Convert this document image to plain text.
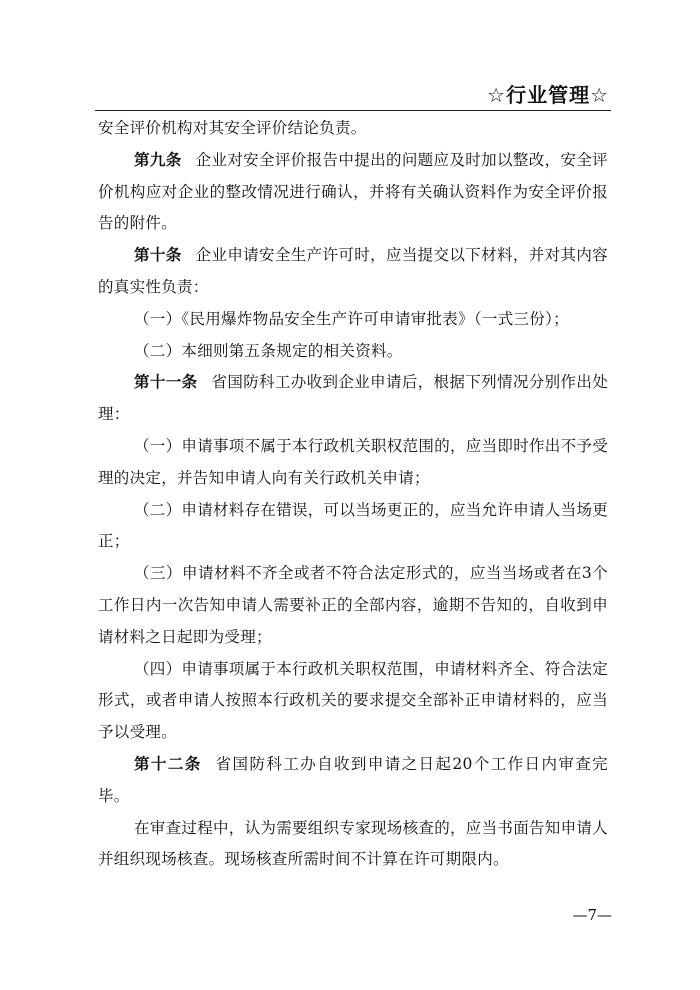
☆行业管理☆

安全评价机构对其安全评价结论负责。

第九条 企业对安全评价报告中提出的问题应及时加以整改，安全评价机构应对企业的整改情况进行确认，并将有关确认资料作为安全评价报告的附件。

第十条 企业申请安全生产许可时，应当提交以下材料，并对其内容的真实性负责：

（一）《民用爆炸物品安全生产许可申请审批表》（一式三份）；

（二）本细则第五条规定的相关资料。

第十一条 省国防科工办收到企业申请后，根据下列情况分别作出处理：

（一）申请事项不属于本行政机关职权范围的，应当即时作出不予受理的决定，并告知申请人向有关行政机关申请；

（二）申请材料存在错误，可以当场更正的，应当允许申请人当场更正；

（三）申请材料不齐全或者不符合法定形式的，应当当场或者在3个工作日内一次告知申请人需要补正的全部内容，逾期不告知的，自收到申请材料之日起即为受理；

（四）申请事项属于本行政机关职权范围，申请材料齐全、符合法定形式，或者申请人按照本行政机关的要求提交全部补正申请材料的，应当予以受理。

第十二条 省国防科工办自收到申请之日起20个工作日内审查完毕。

在审查过程中，认为需要组织专家现场核查的，应当书面告知申请人并组织现场核查。现场核查所需时间不计算在许可期限内。

—7—
